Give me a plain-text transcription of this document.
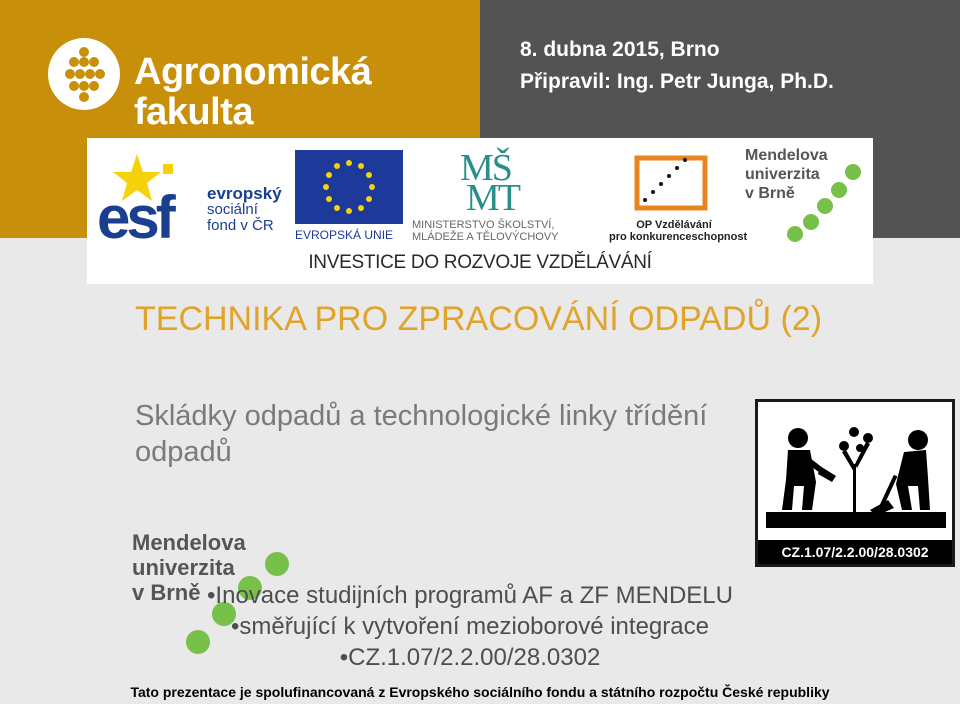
Agronomická
fakulta
8. dubna 2015, Brno
Připravil: Ing. Petr Junga, Ph.D.
esf evropský
sociální
fond v ČR
EVROPSKÁ UNIE
MŠ
MT
MINISTERSTVO ŠKOLSTVÍ,
MLÁDEŽE A TĚLOVÝCHOVY
OP Vzdělávání
pro konkurenceschopnost
Mendelova
univerzita
v Brně
INVESTICE DO ROZVOJE VZDĚLÁVÁNÍ
TECHNIKA PRO ZPRACOVÁNÍ ODPADŮ (2)
Skládky odpadů a technologické linky třídění odpadů
CZ.1.07/2.2.00/28.0302
Mendelova
univerzita
v Brně •Inovace studijních programů AF a ZF MENDELU
•směřující k vytvoření mezioborové integrace
•CZ.1.07/2.2.00/28.0302
Tato prezentace je spolufinancovaná z Evropského sociálního fondu a státního rozpočtu České republiky
